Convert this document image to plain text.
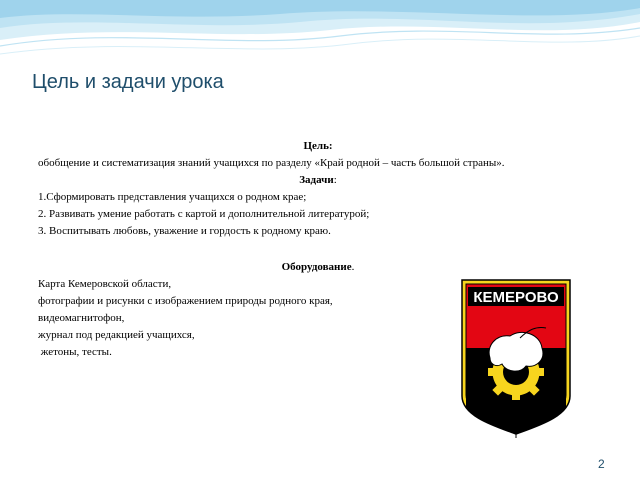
Цель и задачи урока

Цель:

обобщение и систематизация знаний учащихся по разделу «Край родной – часть большой страны».

Задачи:

1.Сформировать представления учащихся о родном крае;

2. Развивать умение работать с картой и дополнительной литературой;

3. Воспитывать любовь, уважение и гордость к родному краю.

Оборудование.

Карта Кемеровской области,

фотографии и рисунки с изображением природы родного края,

видеомагнитофон,

журнал под редакцией учащихся,

жетоны, тесты.

КЕМЕРОВО
2
